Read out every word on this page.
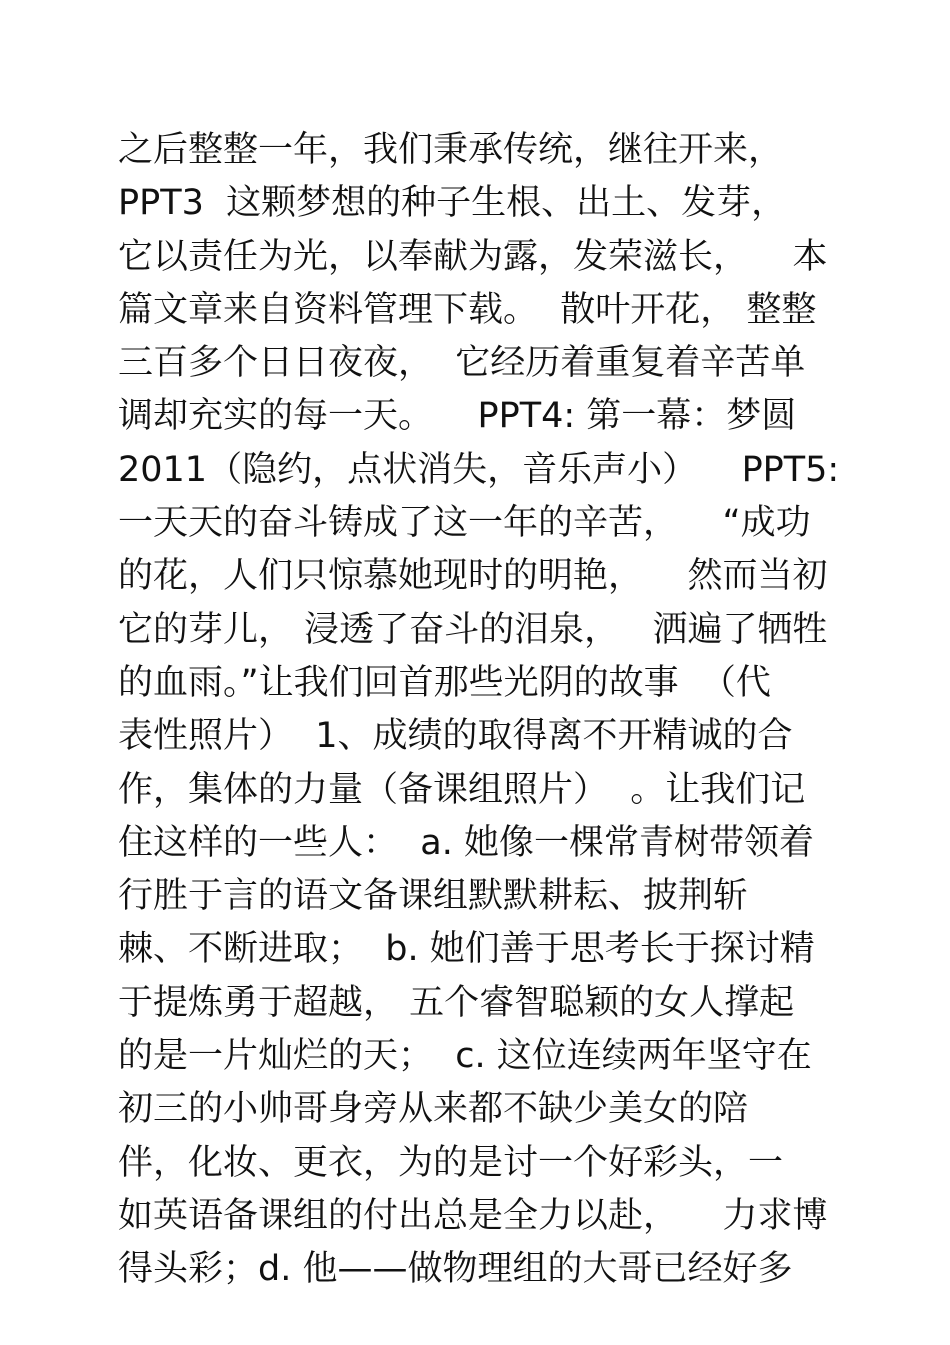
之后整整一年，我们秉承传统，继往开来，
PPT3  这颗梦想的种子生根、出土、发芽，
它以责任为光，以奉献为露，发荣滋长，    本
篇文章来自资料管理下载。  散叶开花， 整整
三百多个日日夜夜，  它经历着重复着辛苦单
调却充实的每一天。    PPT4: 第一幕：梦圆
2011（隐约，点状消失，音乐声小）    PPT5:
一天天的奋斗铸成了这一年的辛苦，    “成功
的花，人们只惊慕她现时的明艳，    然而当初
它的芽儿， 浸透了奋斗的泪泉，   洒遍了牺牲
的血雨。”让我们回首那些光阴的故事  （代
表性照片）  1、成绩的取得离不开精诚的合
作，集体的力量（备课组照片）  。让我们记
住这样的一些人：  a. 她像一棵常青树带领着
行胜于言的语文备课组默默耕耘、披荆斩
棘、不断进取；  b. 她们善于思考长于探讨精
于提炼勇于超越， 五个睿智聪颖的女人撑起
的是一片灿烂的天；  c. 这位连续两年坚守在
初三的小帅哥身旁从来都不缺少美女的陪
伴，化妆、更衣，为的是讨一个好彩头，一
如英语备课组的付出总是全力以赴，    力求博
得头彩；d. 他——做物理组的大哥已经好多
